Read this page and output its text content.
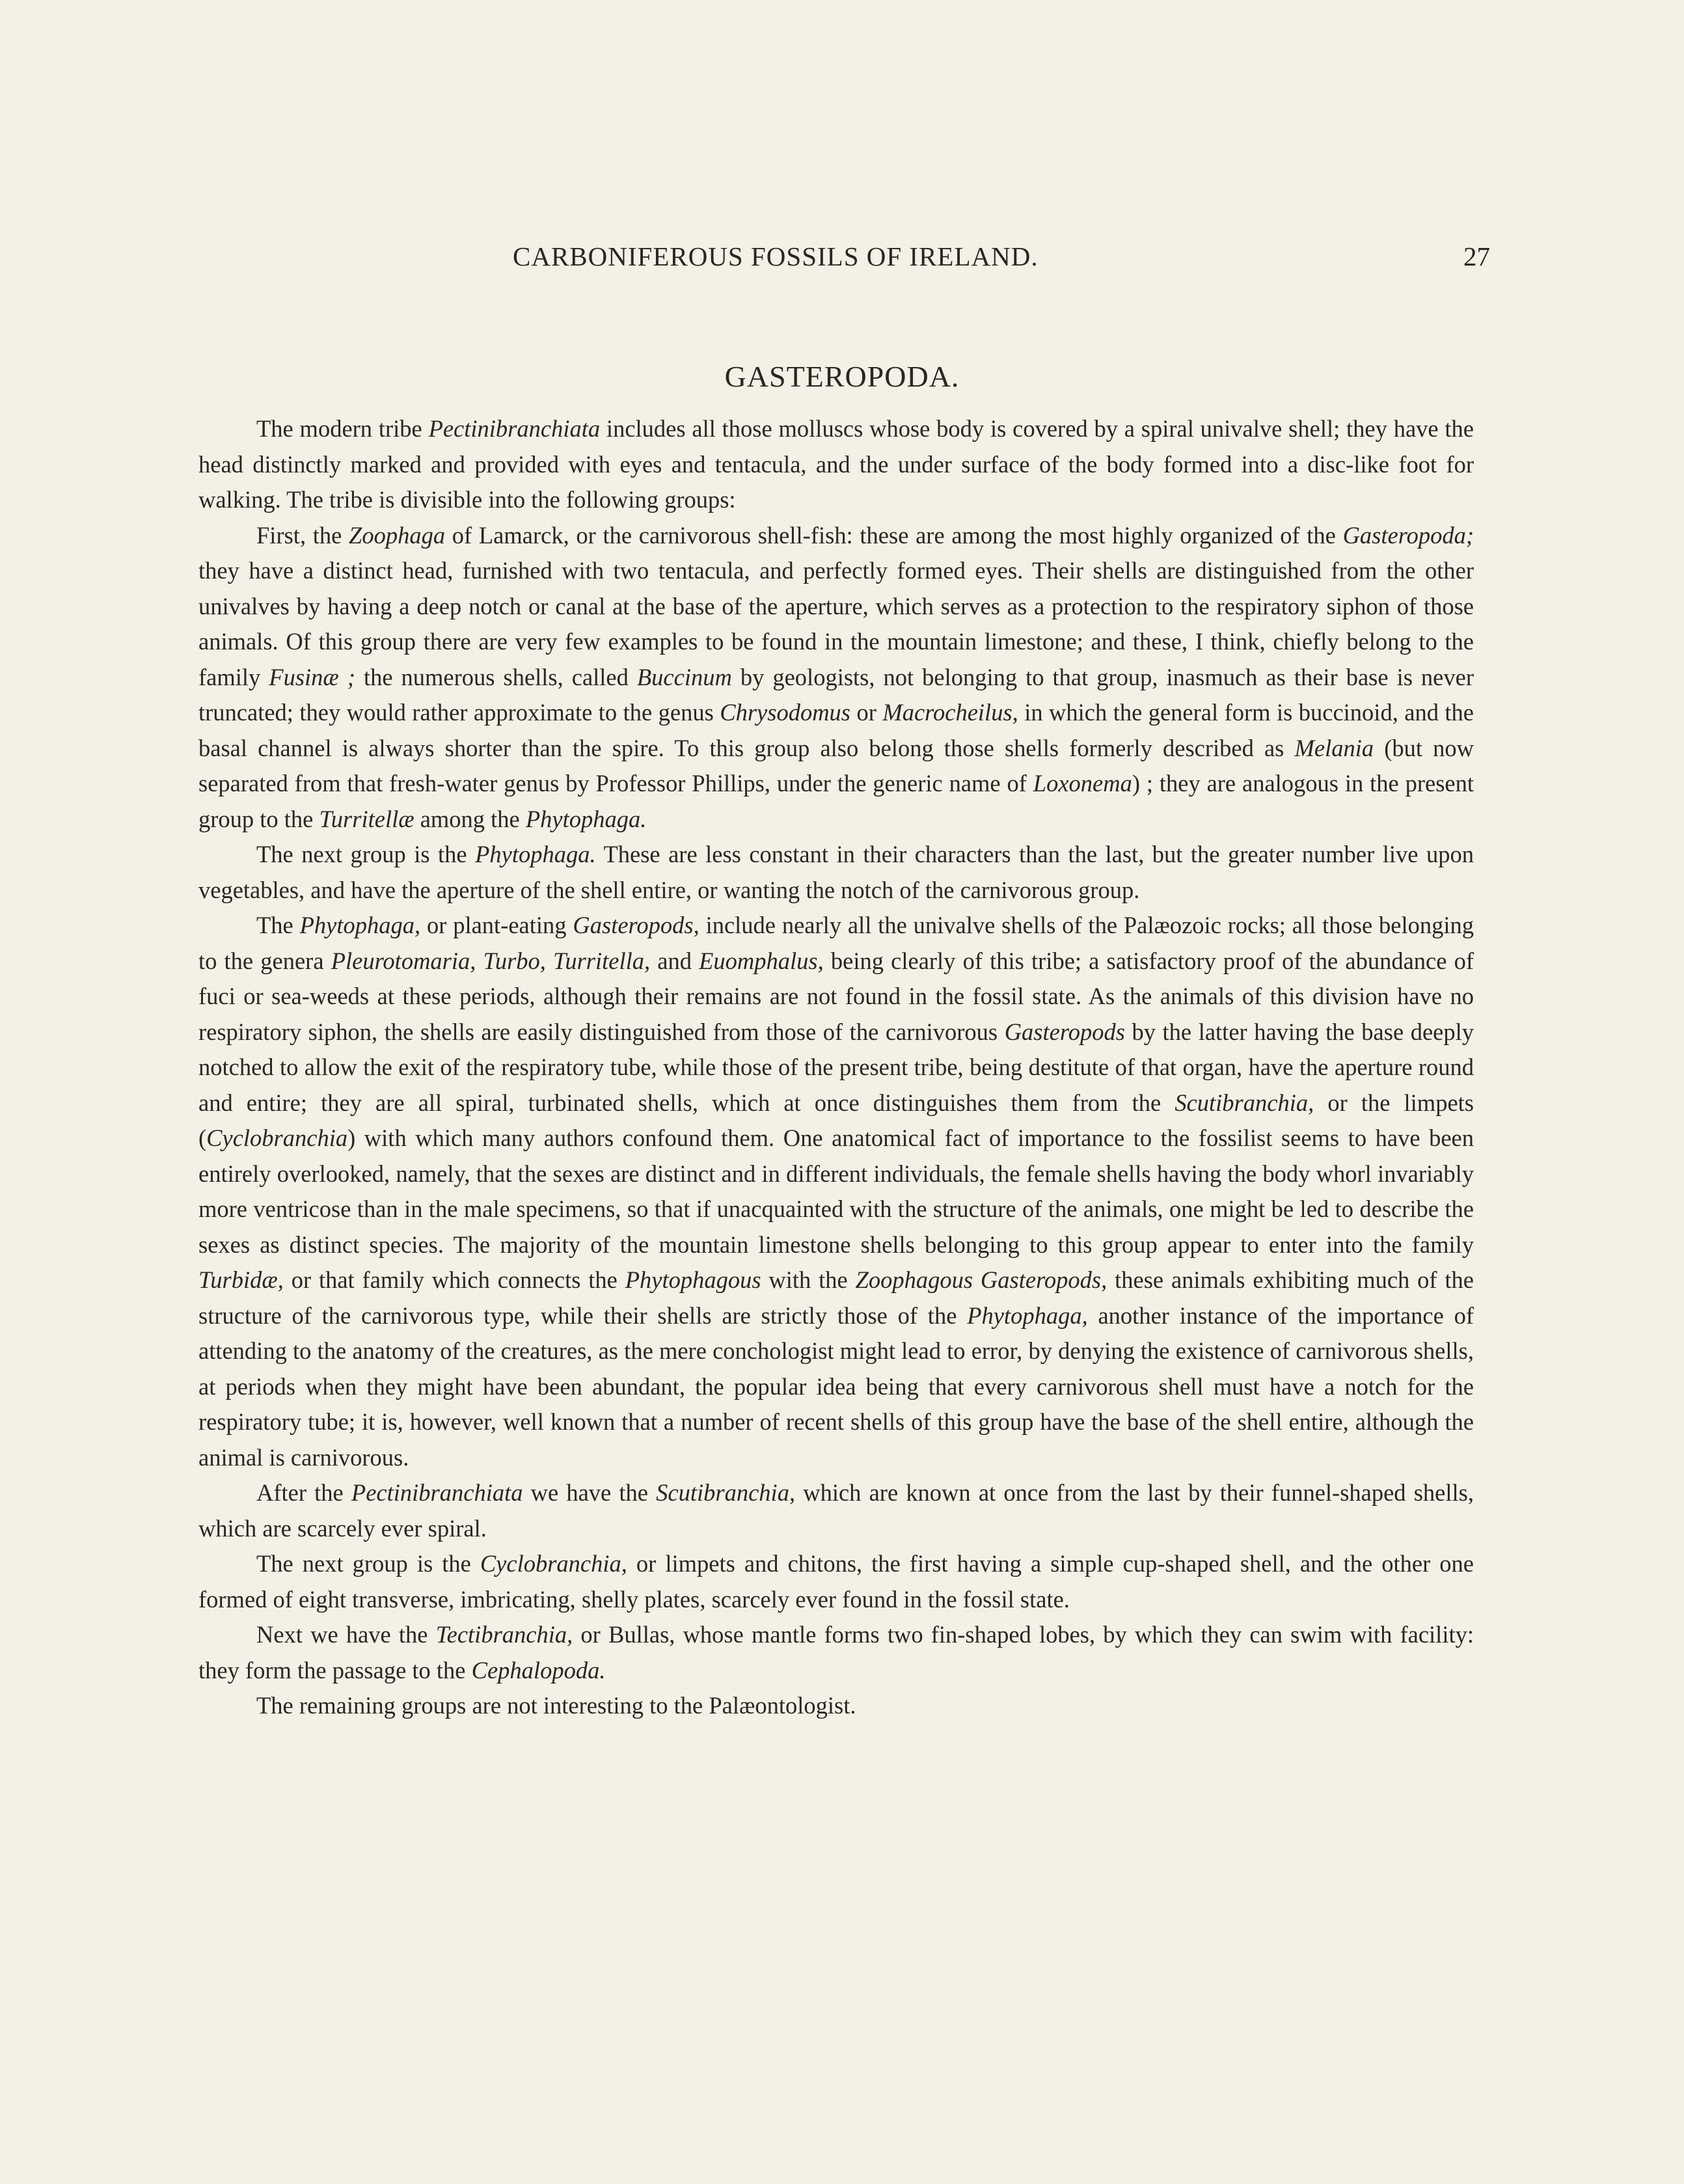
CARBONIFEROUS FOSSILS OF IRELAND.	27
GASTEROPODA.

The modern tribe Pectinibranchiata includes all those molluscs whose body is covered by a spiral univalve shell; they have the head distinctly marked and provided with eyes and tentacula, and the under surface of the body formed into a disc-like foot for walking. The tribe is divisible into the following groups:

First, the Zoophaga of Lamarck, or the carnivorous shell-fish: these are among the most highly organized of the Gasteropoda; they have a distinct head, furnished with two tentacula, and perfectly formed eyes. Their shells are distinguished from the other univalves by having a deep notch or canal at the base of the aperture, which serves as a protection to the respiratory siphon of those animals. Of this group there are very few examples to be found in the mountain limestone; and these, I think, chiefly belong to the family Fusinæ ; the numerous shells, called Buccinum by geologists, not belonging to that group, inasmuch as their base is never truncated; they would rather approximate to the genus Chrysodomus or Macrocheilus, in which the general form is buccinoid, and the basal channel is always shorter than the spire. To this group also belong those shells formerly described as Melania (but now separated from that fresh-water genus by Professor Phillips, under the generic name of Loxonema) ; they are analogous in the present group to the Turritellæ among the Phytophaga.

The next group is the Phytophaga. These are less constant in their characters than the last, but the greater number live upon vegetables, and have the aperture of the shell entire, or wanting the notch of the carnivorous group.

The Phytophaga, or plant-eating Gasteropods, include nearly all the univalve shells of the Palæozoic rocks; all those belonging to the genera Pleurotomaria, Turbo, Turritella, and Euomphalus, being clearly of this tribe; a satisfactory proof of the abundance of fuci or sea-weeds at these periods, although their remains are not found in the fossil state. As the animals of this division have no respiratory siphon, the shells are easily distinguished from those of the carnivorous Gasteropods by the latter having the base deeply notched to allow the exit of the respiratory tube, while those of the present tribe, being destitute of that organ, have the aperture round and entire; they are all spiral, turbinated shells, which at once distinguishes them from the Scutibranchia, or the limpets (Cyclobranchia) with which many authors confound them. One anatomical fact of importance to the fossilist seems to have been entirely overlooked, namely, that the sexes are distinct and in different individuals, the female shells having the body whorl invariably more ventricose than in the male specimens, so that if unacquainted with the structure of the animals, one might be led to describe the sexes as distinct species. The majority of the mountain limestone shells belonging to this group appear to enter into the family Turbidæ, or that family which connects the Phytophagous with the Zoophagous Gasteropods, these animals exhibiting much of the structure of the carnivorous type, while their shells are strictly those of the Phytophaga, another instance of the importance of attending to the anatomy of the creatures, as the mere conchologist might lead to error, by denying the existence of carnivorous shells, at periods when they might have been abundant, the popular idea being that every carnivorous shell must have a notch for the respiratory tube; it is, however, well known that a number of recent shells of this group have the base of the shell entire, although the animal is carnivorous.

After the Pectinibranchiata we have the Scutibranchia, which are known at once from the last by their funnel-shaped shells, which are scarcely ever spiral.

The next group is the Cyclobranchia, or limpets and chitons, the first having a simple cup-shaped shell, and the other one formed of eight transverse, imbricating, shelly plates, scarcely ever found in the fossil state.

Next we have the Tectibranchia, or Bullas, whose mantle forms two fin-shaped lobes, by which they can swim with facility: they form the passage to the Cephalopoda.

The remaining groups are not interesting to the Palæontologist.
